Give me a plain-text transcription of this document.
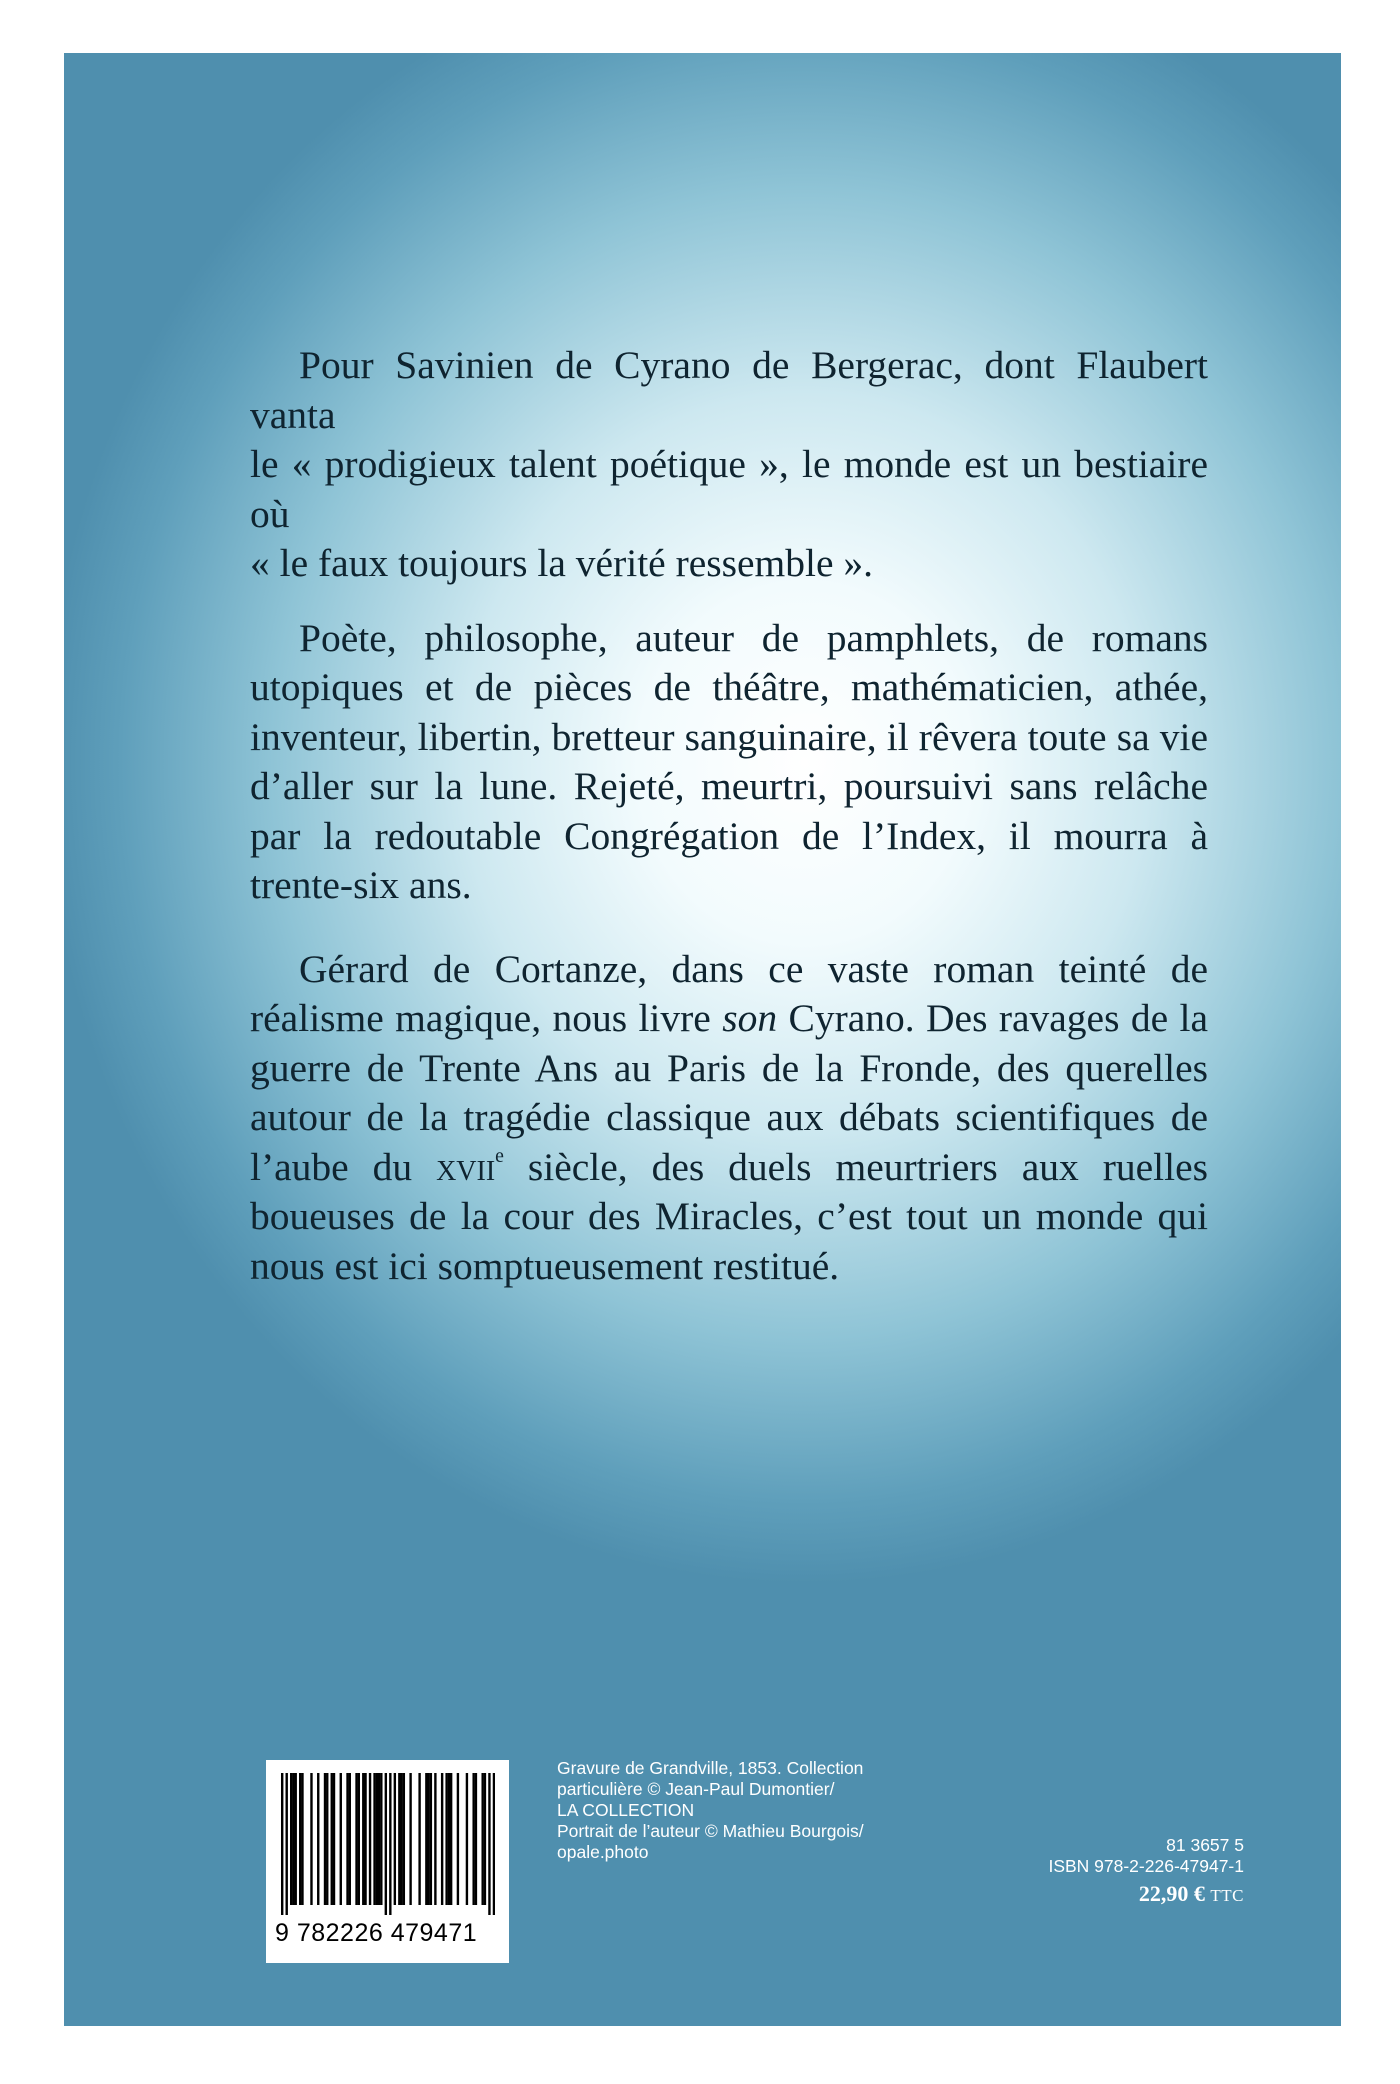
Pour Savinien de Cyrano de Bergerac, dont Flaubert vanta
le « prodigieux talent poétique », le monde est un bestiaire où
« le faux toujours la vérité ressemble ».

Poète, philosophe, auteur de pamphlets, de romans utopiques et de pièces de théâtre, mathématicien, athée, inventeur, libertin, bretteur sanguinaire, il rêvera toute sa vie d’aller sur la lune. Rejeté, meurtri, poursuivi sans relâche par la redoutable Congrégation de l’Index, il mourra à trente-six ans.

Gérard de Cortanze, dans ce vaste roman teinté de réalisme magique, nous livre son Cyrano. Des ravages de la guerre de Trente Ans au Paris de la Fronde, des querelles autour de la tragédie classique aux débats scientifiques de l’aube du xvii$^e$ siècle, des duels meurtriers aux ruelles boueuses de la cour des Miracles, c’est tout un monde qui nous est ici somptueusement restitué.

9 782226 479471
Gravure de Grandville, 1853. Collection
particulière © Jean-Paul Dumontier/
LA COLLECTION
Portrait de l’auteur © Mathieu Bourgois/
opale.photo	81 3657 5
ISBN 978-2-226-47947-1
22,90 € TTC
